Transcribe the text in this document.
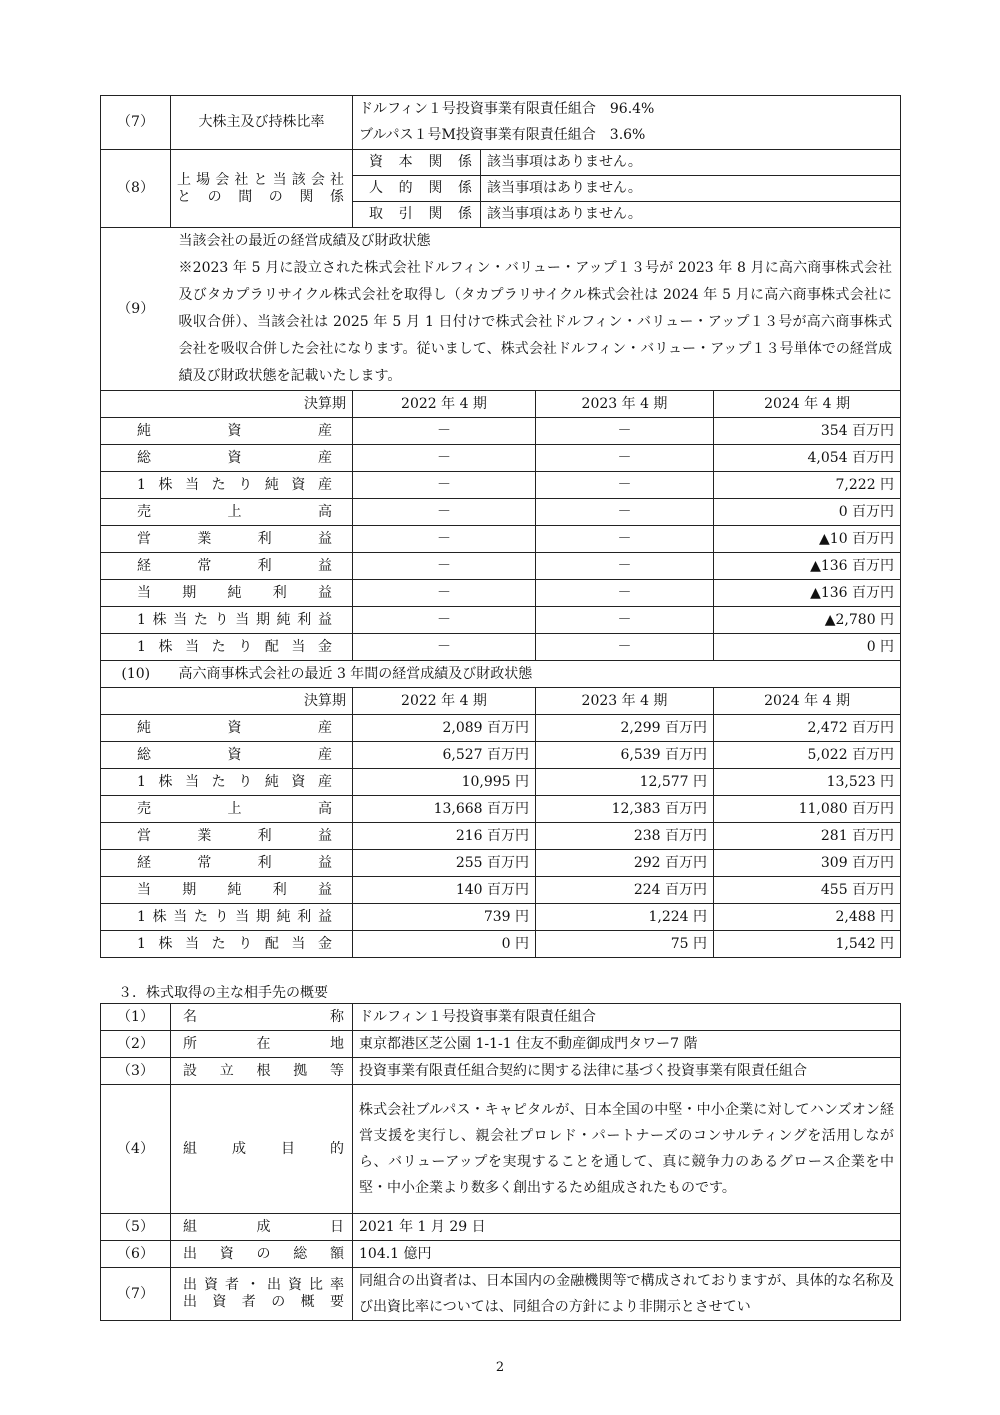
（7）	大株主及び持株比率	ドルフィン１号投資事業有限責任組合　96.4%			
		ブルパス１号M投資事業有限責任組合　3.6%			
（8）	上場会社と当該会社
との間の関係	資本関係	該当事項はありません。		
		人的関係	該当事項はありません。		
		取引関係	該当事項はありません。		
（9）	当該会社の最近の経営成績及び財政状態
※2023 年 5 月に設立された株式会社ドルフィン・バリュー・アップ１３号が 2023 年 8 月に高六商事株式会社及びタカプラリサイクル株式会社を取得し（タカプラリサイクル株式会社は 2024 年 5 月に高六商事株式会社に吸収合併）、当該会社は 2025 年 5 月 1 日付けで株式会社ドルフィン・バリュー・アップ１３号が高六商事株式会社を吸収合併した会社になります。従いまして、株式会社ドルフィン・バリュー・アップ１３号単体での経営成績及び財政状態を記載いたします。				

決算期		2022 年 4 期		2023 年 4 期	2024 年 4 期
純資産		－		－	354 百万円
総資産		－		－	4,054 百万円
1株当たり純資産		－		－	7,222 円
売上高		－		－	0 百万円
営業利益		－		－	▲10 百万円
経常利益		－		－	▲136 百万円
当期純利益		－		－	▲136 百万円
1株当たり当期純利益		－		－	▲2,780 円
1株当たり配当金		－		－	0 円
(10)	高六商事株式会社の最近 3 年間の経営成績及び財政状態				
決算期		2022 年 4 期		2023 年 4 期	2024 年 4 期
純資産		2,089 百万円		2,299 百万円	2,472 百万円
総資産		6,527 百万円		6,539 百万円	5,022 百万円
1株当たり純資産		10,995 円		12,577 円	13,523 円
売上高		13,668 百万円		12,383 百万円	11,080 百万円
営業利益		216 百万円		238 百万円	281 百万円
経常利益		255 百万円		292 百万円	309 百万円
当期純利益		140 百万円		224 百万円	455 百万円
1株当たり当期純利益		739 円		1,224 円	2,488 円
1株当たり配当金		0 円		75 円	1,542 円
３．株式取得の主な相手先の概要
（1）	名称	ドルフィン１号投資事業有限責任組合
（2）	所在地	東京都港区芝公園 1-1-1 住友不動産御成門タワー7 階
（3）	設立根拠等	投資事業有限責任組合契約に関する法律に基づく投資事業有限責任組合
（4）	組成目的	株式会社ブルパス・キャピタルが、日本全国の中堅・中小企業に対してハンズオン経営支援を実行し、親会社プロレド・パートナーズのコンサルティングを活用しながら、バリューアップを実現することを通して、真に競争力のあるグロース企業を中堅・中小企業より数多く創出するため組成されたものです。
（5）	組成日	2021 年 1 月 29 日
（6）	出資の総額	104.1 億円
（7）	出資者・出資比率
出資者の概要	同組合の出資者は、日本国内の金融機関等で構成されておりますが、具体的な名称及び出資比率については、同組合の方針により非開示とさせてい
2
